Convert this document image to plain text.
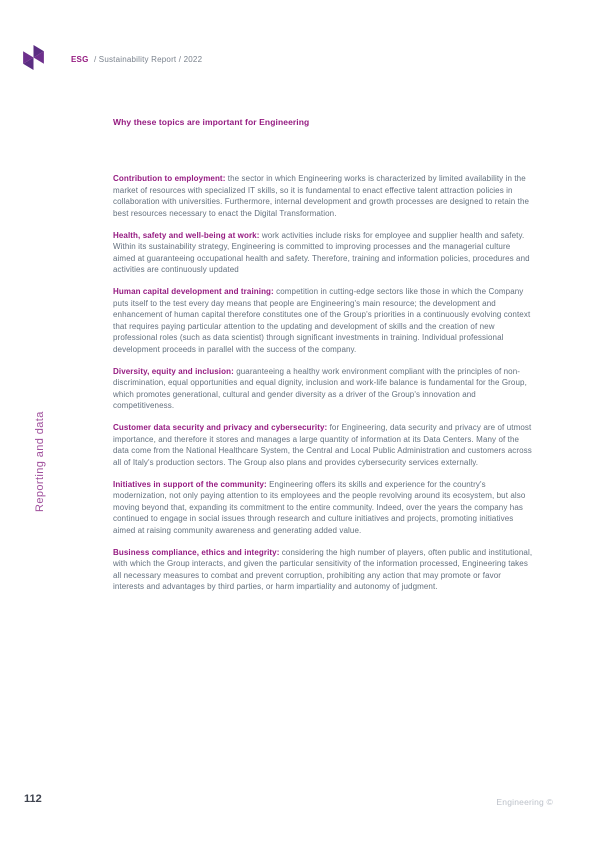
ESG / Sustainability Report / 2022
Reporting and data
Why these topics are important for Engineering

Contribution to employment: the sector in which Engineering works is characterized by limited availability in the market of resources with specialized IT skills, so it is fundamental to enact effective talent attraction policies in collaboration with universities. Furthermore, internal development and growth processes are designed to retain the best resources necessary to enact the Digital Transformation.

Health, safety and well-being at work: work activities include risks for employee and supplier health and safety. Within its sustainability strategy, Engineering is committed to improving processes and the managerial culture aimed at guaranteeing occupational health and safety. Therefore, training and information policies, procedures and activities are continuously updated

Human capital development and training: competition in cutting-edge sectors like those in which the Company puts itself to the test every day means that people are Engineering's main resource; the development and enhancement of human capital therefore constitutes one of the Group's priorities in a continuously evolving context that requires paying particular attention to the updating and development of skills and the creation of new professional roles (such as data scientist) through significant investments in training. Individual professional development proceeds in parallel with the success of the company.

Diversity, equity and inclusion: guaranteeing a healthy work environment compliant with the principles of non-discrimination, equal opportunities and equal dignity, inclusion and work-life balance is fundamental for the Group, which promotes generational, cultural and gender diversity as a driver of the Group's innovation and competitiveness.

Customer data security and privacy and cybersecurity: for Engineering, data security and privacy are of utmost importance, and therefore it stores and manages a large quantity of information at its Data Centers. Many of the data come from the National Healthcare System, the Central and Local Public Administration and customers across all of Italy's production sectors. The Group also plans and provides cybersecurity services externally.

Initiatives in support of the community: Engineering offers its skills and experience for the country's modernization, not only paying attention to its employees and the people revolving around its ecosystem, but also moving beyond that, expanding its commitment to the entire community. Indeed, over the years the company has continued to engage in social issues through research and culture initiatives and projects, promoting initiatives aimed at raising community awareness and generating added value.

Business compliance, ethics and integrity: considering the high number of players, often public and institutional, with which the Group interacts, and given the particular sensitivity of the information processed, Engineering takes all necessary measures to combat and prevent corruption, prohibiting any action that may promote or favor interests and advantages by third parties, or harm impartiality and autonomy of judgment.

112	Engineering ©
